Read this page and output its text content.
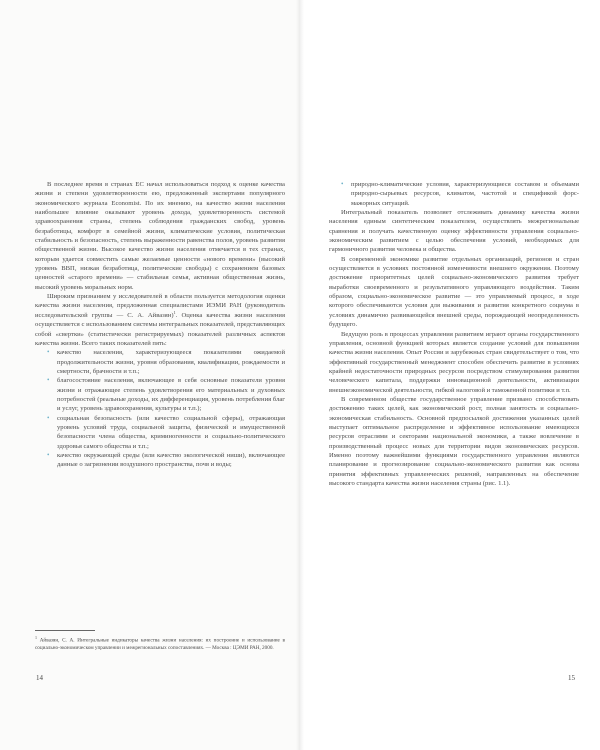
В последнее время в странах ЕС начал использоваться подход к оценке качества жизни и степени удовлетворенности ею, предложенный экспертами популярного экономического журнала Economist. По их мнению, на качество жизни населения наибольшее влияние оказывают уровень дохода, удовлетворенность системой здравоохранения страны, степень соблюдения гражданских свобод, уровень безработицы, комфорт в семейной жизни, климатические условия, политическая стабильность и безопасность, степень выраженности равенства полов, уровень развития общественной жизни. Высокое качество жизни населения отмечается в тех странах, которым удается совместить самые желаемые ценности «нового времени» (высокий уровень ВВП, низкая безработица, политические свободы) с сохранением базовых ценностей «старого времени» — стабильная семья, активная общественная жизнь, высокий уровень моральных норм.

Широким признанием у исследователей в области пользуется методология оценки качества жизни населения, предложенная специалистами ИЭМИ РАН (руководитель исследовательской группы — С. А. Айвазян)$^1$. Оценка качества жизни населения осуществляется с использованием системы интегральных показателей, представляющих собой «свертки» (статистически регистрируемых) показателей различных аспектов качества жизни. Всего таких показателей пять:

• качество населения, характеризующееся показателями ожидаемой продолжительности жизни, уровня образования, квалификации, рождаемости и смертности, брачности и т.п.;
• благосостояние населения, включающее в себя основные показатели уровня жизни и отражающее степень удовлетворения его материальных и духовных потребностей (реальные доходы, их дифференциация, уровень потребления благ и услуг, уровень здравоохранения, культуры и т.п.);
• социальная безопасность (или качество социальной сферы), отражающая уровень условий труда, социальной защиты, физической и имущественной безопасности члена общества, криминогенности и социально-политического здоровья самого общества и т.п.;
• качество окружающей среды (или качество экологической ниши), включающее данные о загрязнении воздушного пространства, почв и воды;
$^1$ Айвазян, С. А. Интегральные индикаторы качества жизни населения: их построение и использование в социально-экономическом управлении и межрегиональных сопоставлениях. — Москва : ЦЭМИ РАН, 2000.
14
• природно-климатические условия, характеризующиеся составом и объемами природно-сырьевых ресурсов, климатом, частотой и спецификой форс-мажорных ситуаций.

Интегральный показатель позволяет отслеживать динамику качества жизни населения единым синтетическим показателем, осуществлять межрегиональные сравнения и получать качественную оценку эффективности управления социально-экономическим развитием с целью обеспечения условий, необходимых для гармоничного развития человека и общества.

В современной экономике развитие отдельных организаций, регионов и стран осуществляется в условиях постоянной изменчивости внешнего окружения. Поэтому достижение приоритетных целей социально-экономического развития требует выработки своевременного и результативного управляющего воздействия. Таким образом, социально-экономическое развитие — это управляемый процесс, в ходе которого обеспечиваются условия для выживания и развития конкретного социума в условиях динамично развивающейся внешней среды, порождающей неопределенность будущего.

Ведущую роль в процессах управления развитием играют органы государственного управления, основной функцией которых является создание условий для повышения качества жизни населения. Опыт России и зарубежных стран свидетельствует о том, что эффективный государственный менеджмент способен обеспечить развитие в условиях крайней недостаточности природных ресурсов посредством стимулирования развития человеческого капитала, поддержки инновационной деятельности, активизации внешнеэкономической деятельности, гибкой налоговой и таможенной политики и т.п.

В современном обществе государственное управление призвано способствовать достижению таких целей, как экономический рост, полная занятость и социально-экономическая стабильность. Основной предпосылкой достижения указанных целей выступает оптимальное распределение и эффективное использование имеющихся ресурсов отраслями и секторами национальной экономики, а также вовлечение в производственный процесс новых для территории видов экономических ресурсов. Именно поэтому важнейшими функциями государственного управления являются планирование и прогнозирование социально-экономического развития как основа принятия эффективных управленческих решений, направленных на обеспечение высокого стандарта качества жизни населения страны (рис. 1.1).

15
